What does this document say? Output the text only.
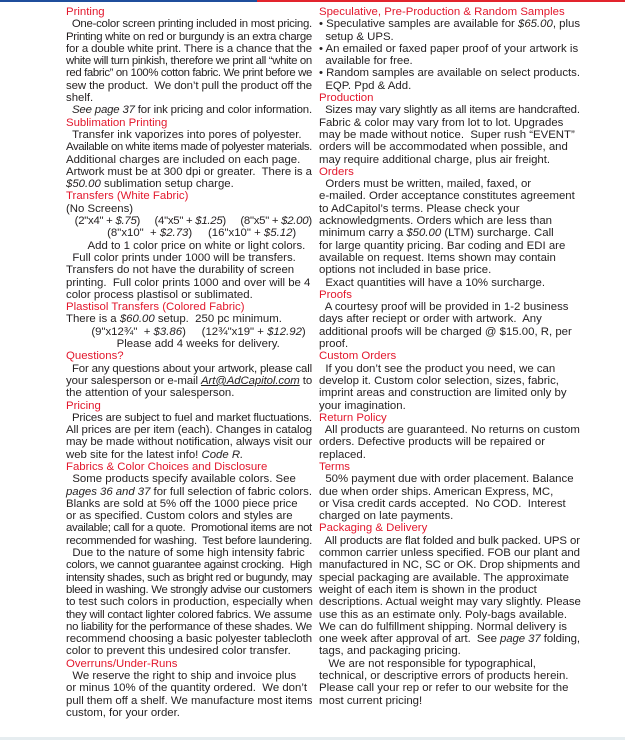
Printing
One-color screen printing included in most pricing.
Printing white on red or burgundy is an extra charge
for a double white print. There is a chance that the
white will turn pinkish, therefore we print all “white on
red fabric” on 100% cotton fabric. We print before we
sew the product.  We don’t pull the product off the
shelf.
See page 37 for ink pricing and color information.
Sublimation Printing
Transfer ink vaporizes into pores of polyester.
Available on white items made of polyester materials.
Additional charges are included on each page.
Artwork must be at 300 dpi or greater.  There is a
$50.00 sublimation setup charge.
Transfers (White Fabric)
(No Screens)
(2"x4" + $.75)     (4"x5" + $1.25)     (8"x5" + $2.00)
(8"x10"  + $2.73)     (16"x10" + $5.12)
Add to 1 color price on white or light colors.
Full color prints under 1000 will be transfers.
Transfers do not have the durability of screen
printing.  Full color prints 1000 and over will be 4
color process plastisol or sublimated.
Plastisol Transfers (Colored Fabric)
There is a $60.00 setup.  250 pc minimum.
(9"x12¾"  + $3.86)     (12¾"x19" + $12.92)
Please add 4 weeks for delivery.
Questions?
For any questions about your artwork, please call
your salesperson or e-mail Art@AdCapitol.com to
the attention of your salesperson.
Pricing
Prices are subject to fuel and market fluctuations.
All prices are per item (each). Changes in catalog
may be made without notification, always visit our
web site for the latest info! Code R.
Fabrics & Color Choices and Disclosure
Some products specify available colors. See
pages 36 and 37 for full selection of fabric colors.
Blanks are sold at 5% off the 1000 piece price
or as specified. Custom colors and styles are
available; call for a quote.  Promotional items are not
recommended for washing.  Test before laundering.
Due to the nature of some high intensity fabric
colors, we cannot guarantee against crocking.  High
intensity shades, such as bright red or bugundy, may
bleed in washing. We strongly advise our customers
to test such colors in production, especially when
they will contact lighter colored fabrics. We assume
no liability for the performance of these shades. We
recommend choosing a basic polyester tablecloth
color to prevent this undesired color transfer.
Overruns/Under-Runs
We reserve the right to ship and invoice plus
or minus 10% of the quantity ordered.  We don’t
pull them off a shelf. We manufacture most items
custom, for your order.
Speculative, Pre-Production & Random Samples
• Speculative samples are available for $65.00, plus
setup & UPS.
• An emailed or faxed paper proof of your artwork is
available for free.
• Random samples are available on select products.
EQP. Ppd & Add.
Production
Sizes may vary slightly as all items are handcrafted.
Fabric & color may vary from lot to lot. Upgrades
may be made without notice.  Super rush “EVENT”
orders will be accommodated when possible, and
may require additional charge, plus air freight.
Orders
Orders must be written, mailed, faxed, or
e-mailed. Order acceptance constitutes agreement
to AdCapitol’s terms. Please check your
acknowledgments. Orders which are less than
minimum carry a $50.00 (LTM) surcharge. Call
for large quantity pricing. Bar coding and EDI are
available on request. Items shown may contain
options not included in base price.
Exact quantities will have a 10% surcharge.
Proofs
A courtesy proof will be provided in 1-2 business
days after reciept or order with artwork.  Any
additional proofs will be charged @ $15.00, R, per
proof.
Custom Orders
If you don’t see the product you need, we can
develop it. Custom color selection, sizes, fabric,
imprint areas and construction are limited only by
your imagination.
Return Policy
All products are guaranteed. No returns on custom
orders. Defective products will be repaired or
replaced.
Terms
50% payment due with order placement. Balance
due when order ships. American Express, MC,
or Visa credit cards accepted.  No COD.  Interest
charged on late payments.
Packaging & Delivery
All products are flat folded and bulk packed. UPS or
common carrier unless specified. FOB our plant and
manufactured in NC, SC or OK. Drop shipments and
special packaging are available. The approximate
weight of each item is shown in the product
descriptions. Actual weight may vary slightly. Please
use this as an estimate only. Poly-bags available.
We can do fulfillment shipping. Normal delivery is
one week after approval of art.  See page 37 folding,
tags, and packaging pricing.
We are not responsible for typographical,
technical, or descriptive errors of products herein.
Please call your rep or refer to our website for the
most current pricing!
